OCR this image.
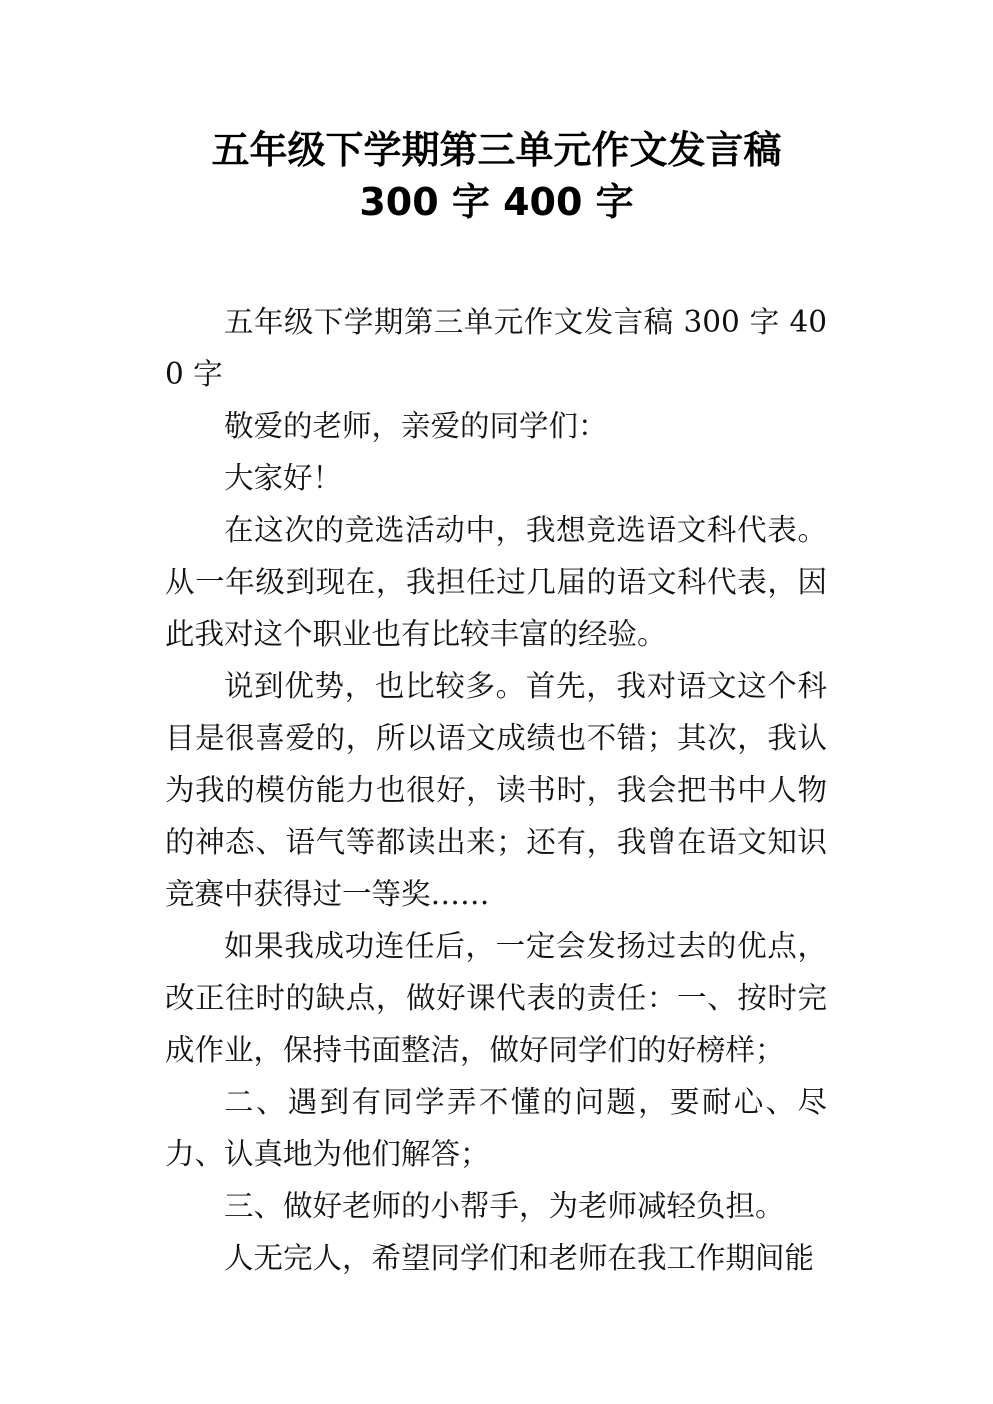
五年级下学期第三单元作文发言稿
300 字 400 字

五年级下学期第三单元作文发言稿 300 字 400 字

敬爱的老师，亲爱的同学们：

大家好！

在这次的竞选活动中，我想竞选语文科代表。从一年级到现在，我担任过几届的语文科代表，因此我对这个职业也有比较丰富的经验。

说到优势，也比较多。首先，我对语文这个科目是很喜爱的，所以语文成绩也不错；其次，我认为我的模仿能力也很好，读书时，我会把书中人物的神态、语气等都读出来；还有，我曾在语文知识竞赛中获得过一等奖……

如果我成功连任后，一定会发扬过去的优点，改正往时的缺点，做好课代表的责任：一、按时完成作业，保持书面整洁，做好同学们的好榜样；

二、遇到有同学弄不懂的问题，要耐心、尽力、认真地为他们解答；

三、做好老师的小帮手，为老师减轻负担。

人无完人，希望同学们和老师在我工作期间能
